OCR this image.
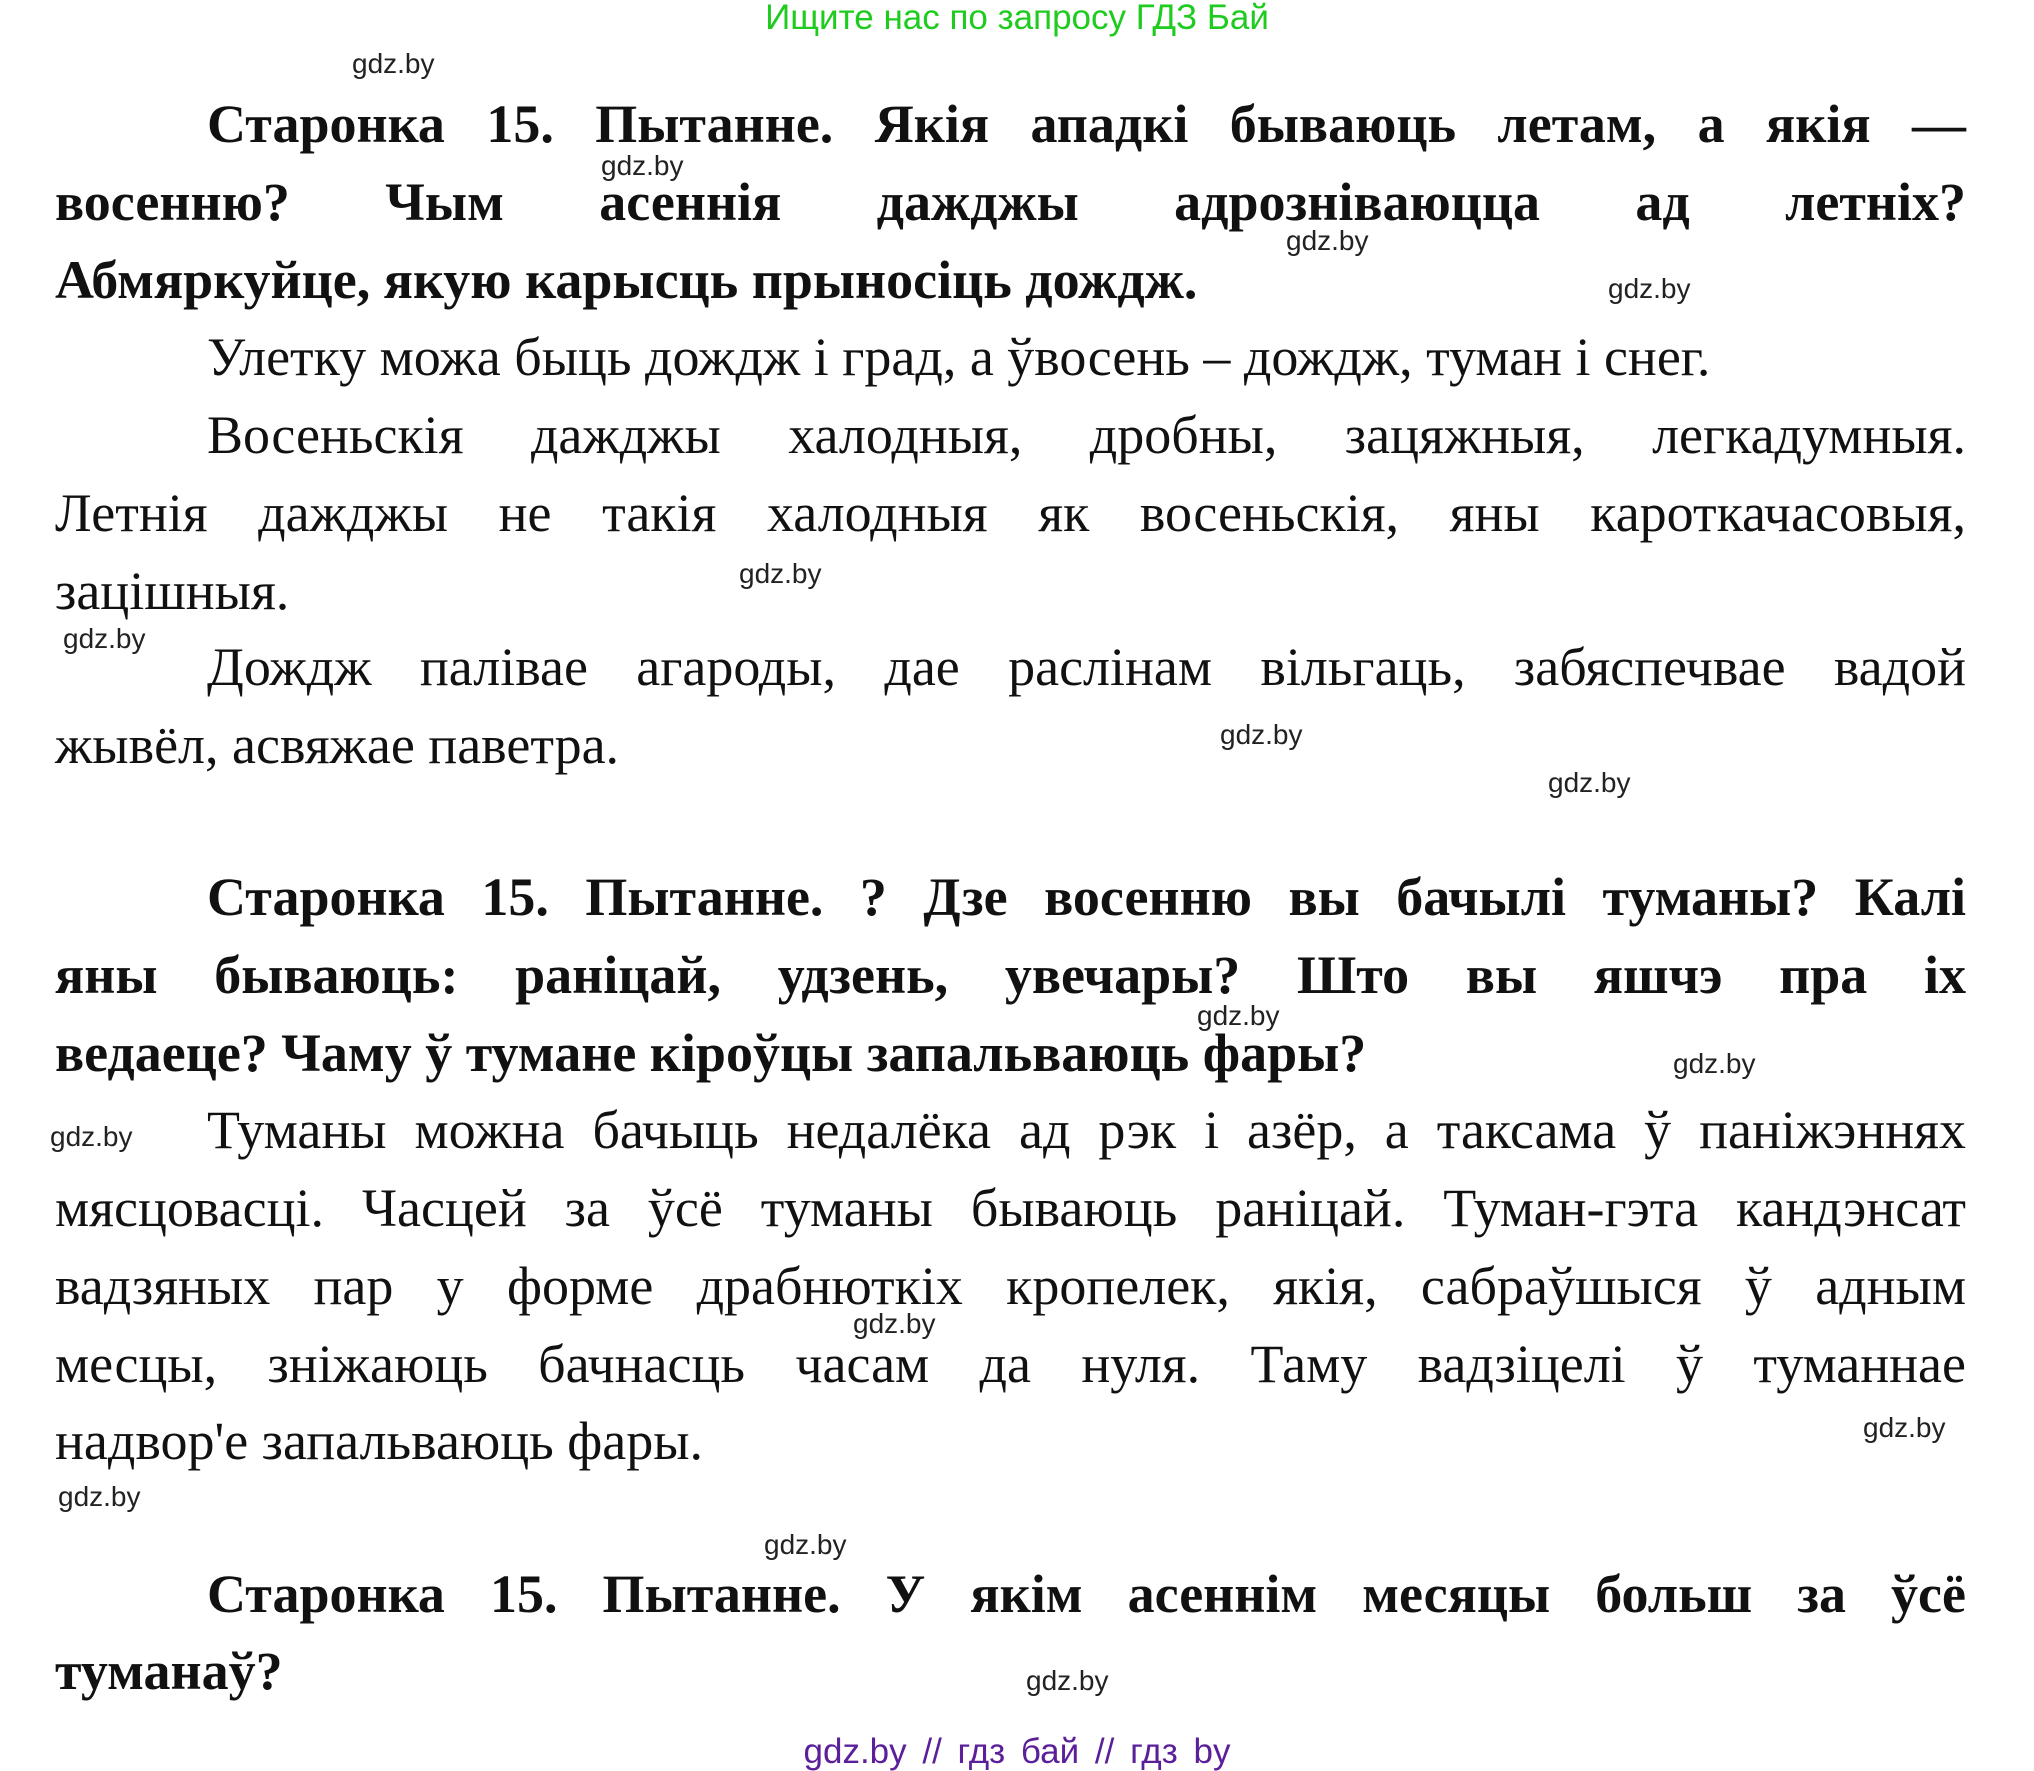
Ищите нас по запросу ГДЗ Бай
Старонка 15. Пытанне. Якія ападкі бываюць летам, а якія —
восенню? Чым асеннія дажджы адрозніваюцца ад летніх?
Абмяркуйце, якую карысць прыносіць дождж.
Улетку можа быць дождж і град, а ўвосень – дождж, туман і снег.
Восеньскія дажджы халодныя, дробны, зацяжныя, легкадумныя.
Летнія дажджы не такія халодныя як восеньскія, яны кароткачасовыя,
зацішныя.
Дождж палівае агароды, дае раслінам вільгаць, забяспечвае вадой
жывёл, асвяжае паветра.
Старонка 15. Пытанне. ? Дзе восенню вы бачылі туманы? Калі
яны бываюць: раніцай, удзень, увечары? Што вы яшчэ пра іх
ведаеце? Чаму ў тумане кіроўцы запальваюць фары?
Туманы можна бачыць недалёка ад рэк і азёр, а таксама ў паніжэннях
мясцовасці. Часцей за ўсё туманы бываюць раніцай. Туман-гэта кандэнсат
вадзяных пар у форме драбнюткіх кропелек, якія, сабраўшыся ў адным
месцы, зніжаюць бачнасць часам да нуля. Таму вадзіцелі ў туманнае
надвор'е запальваюць фары.
Старонка 15. Пытанне. У якім асеннім месяцы больш за ўсё
туманаў?
gdz.by
gdz.by
gdz.by
gdz.by
gdz.by
gdz.by
gdz.by
gdz.by
gdz.by
gdz.by
gdz.by
gdz.by
gdz.by
gdz.by
gdz.by
gdz.by
gdz.by // гдз бай // гдз by
